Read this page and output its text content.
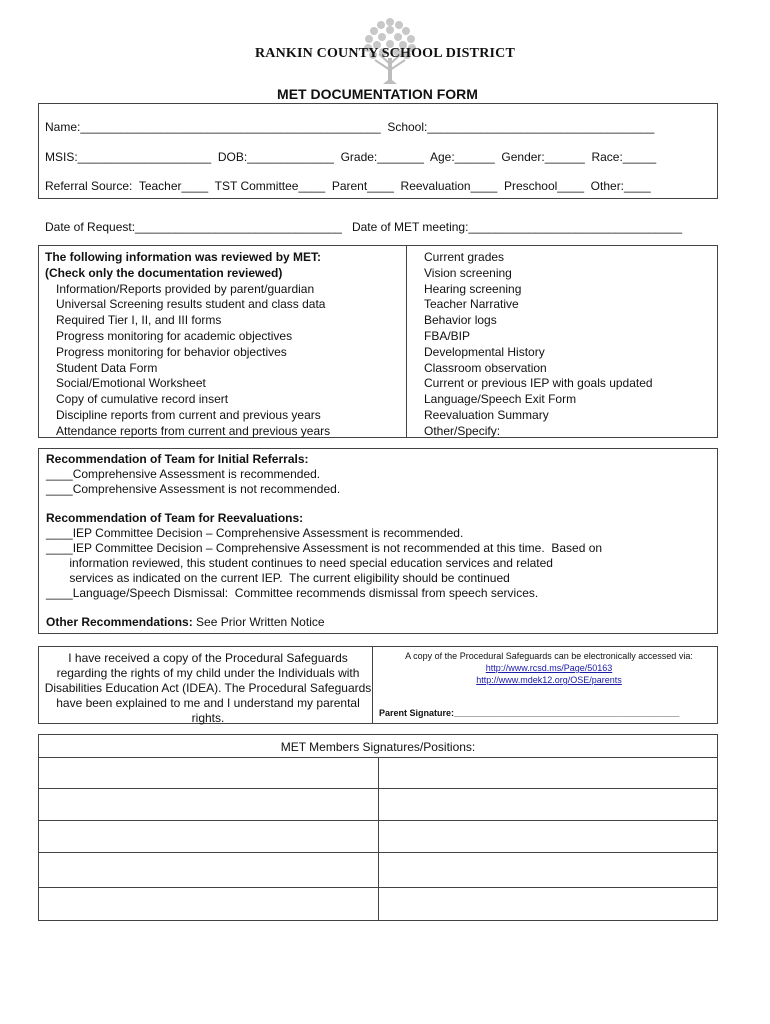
RANKIN COUNTY SCHOOL DISTRICT
MET DOCUMENTATION FORM
Name:_____________________________________________  School:__________________________________
MSIS:____________________  DOB:_____________  Grade:_______  Age:______  Gender:______  Race:_____
Referral Source:  Teacher____  TST Committee____  Parent____  Reevaluation____  Preschool____  Other:____
Date of Request:_______________________________   Date of MET meeting:________________________________
The following information was reviewed by MET:
(Check only the documentation reviewed)
Information/Reports provided by parent/guardian
Universal Screening results student and class data
Required Tier I, II, and III forms
Progress monitoring for academic objectives
Progress monitoring for behavior objectives
Student Data Form
Social/Emotional Worksheet
Copy of cumulative record insert
Discipline reports from current and previous years
Attendance reports from current and previous years
Current grades
Vision screening
Hearing screening
Teacher Narrative
Behavior logs
FBA/BIP
Developmental History
Classroom observation
Current or previous IEP with goals updated
Language/Speech Exit Form
Reevaluation Summary
Other/Specify:
Recommendation of Team for Initial Referrals:
____Comprehensive Assessment is recommended.
____Comprehensive Assessment is not recommended.
Recommendation of Team for Reevaluations:
____IEP Committee Decision – Comprehensive Assessment is recommended.
____IEP Committee Decision – Comprehensive Assessment is not recommended at this time.  Based on
information reviewed, this student continues to need special education services and related
services as indicated on the current IEP.  The current eligibility should be continued
____Language/Speech Dismissal:  Committee recommends dismissal from speech services.
Other Recommendations: See Prior Written Notice
I have received a copy of the Procedural Safeguards regarding the rights of my child under the Individuals with Disabilities Education Act (IDEA). The Procedural Safeguards have been explained to me and I understand my parental rights.
A copy of the Procedural Safeguards can be electronically accessed via:
http://www.rcsd.ms/Page/50163
http://www.mdek12.org/OSE/parents
Parent Signature:_____________________________________________
MET Members Signatures/Positions:
